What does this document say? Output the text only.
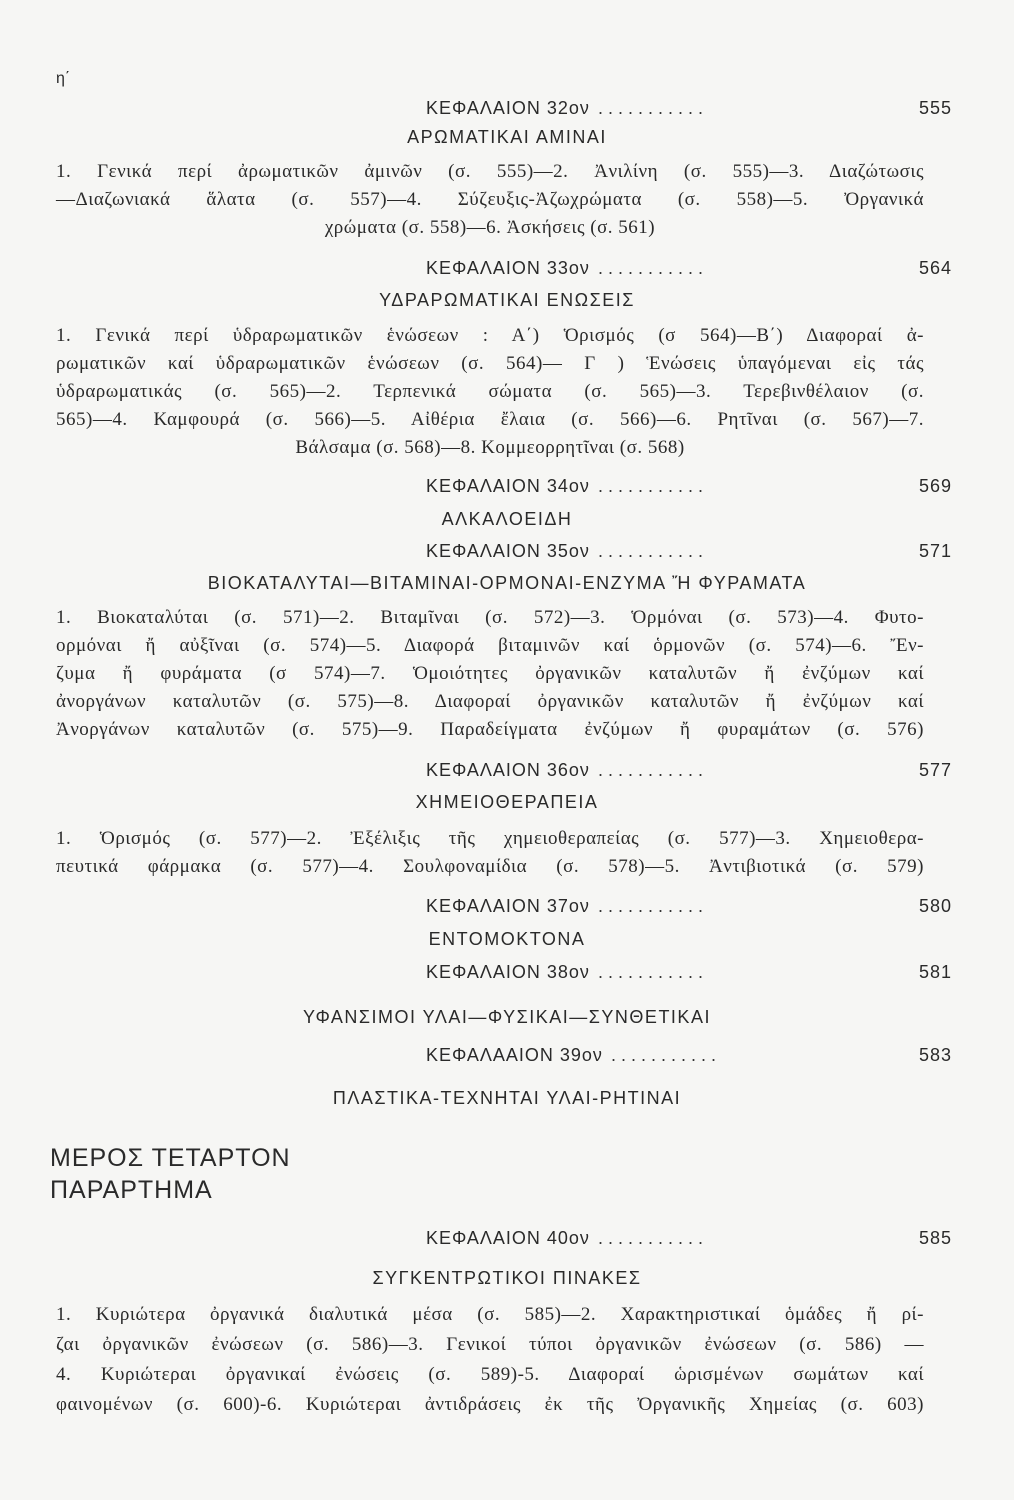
η΄
ΚΕΦΑΛΑΙΟΝ 32ον ...........	555
ΑΡΩΜΑΤΙΚΑΙ ΑΜΙΝΑΙ
1. Γενικά περί ἀρωματικῶν ἀμινῶν (σ. 555)—2. Ἀνιλίνη (σ. 555)—3. Διαζώτωσις
—Διαζωνιακά ἅλατα (σ. 557)—4. Σύζευξις-Ἀζωχρώματα (σ. 558)—5. Ὀργανικά
χρώματα (σ. 558)—6. Ἀσκήσεις (σ. 561)
ΚΕΦΑΛΑΙΟΝ 33ον ...........	564
ΥΔΡΑΡΩΜΑΤΙΚΑΙ ΕΝΩΣΕΙΣ
1. Γενικά περί ὑδραρωματικῶν ἑνώσεων : Α΄) Ὁρισμός (σ 564)—Β΄) Διαφοραί ἀ-
ρωματικῶν καί ὑδραρωματικῶν ἑνώσεων (σ. 564)— Γ ) Ἑνώσεις ὑπαγόμεναι εἰς τάς
ὑδραρωματικάς (σ. 565)—2. Τερπενικά σώματα (σ. 565)—3. Τερεβινθέλαιον (σ.
565)—4. Καμφουρά (σ. 566)—5. Αἰθέρια ἔλαια (σ. 566)—6. Ρητῖναι (σ. 567)—7.
Βάλσαμα (σ. 568)—8. Κομμεορρητῖναι (σ. 568)
ΚΕΦΑΛΑΙΟΝ 34ον ...........	569
ΑΛΚΑΛΟΕΙΔΗ
ΚΕΦΑΛΑΙΟΝ 35ον ...........	571
ΒΙΟΚΑΤΑΛΥΤΑΙ—ΒΙΤΑΜΙΝΑΙ-ΟΡΜΟΝΑΙ-ΕΝΖΥΜΑ Ἤ ΦΥΡΑΜΑΤΑ
1. Βιοκαταλύται (σ. 571)—2. Βιταμῖναι (σ. 572)—3. Ὁρμόναι (σ. 573)—4. Φυτο-
ορμόναι ἤ αὐξῖναι (σ. 574)—5. Διαφορά βιταμινῶν καί ὁρμονῶν (σ. 574)—6. Ἔν-
ζυμα ἤ φυράματα (σ 574)—7. Ὁμοιότητες ὀργανικῶν καταλυτῶν ἤ ἐνζύμων καί
ἀνοργάνων καταλυτῶν (σ. 575)—8. Διαφοραί ὀργανικῶν καταλυτῶν ἤ ἐνζύμων καί
Ἀνοργάνων καταλυτῶν (σ. 575)—9. Παραδείγματα ἐνζύμων ἤ φυραμάτων (σ. 576)
ΚΕΦΑΛΑΙΟΝ 36ον ...........	577
ΧΗΜΕΙΟΘΕΡΑΠΕΙΑ
1. Ὁρισμός (σ. 577)—2. Ἐξέλιξις τῆς χημειοθεραπείας (σ. 577)—3. Χημειοθερα-
πευτικά φάρμακα (σ. 577)—4. Σουλφοναμίδια (σ. 578)—5. Ἀντιβιοτικά (σ. 579)
ΚΕΦΑΛΑΙΟΝ 37ον ...........	580
ΕΝΤΟΜΟΚΤΟΝΑ
ΚΕΦΑΛΑΙΟΝ 38ον ...........	581
ΥΦΑΝΣΙΜΟΙ ΥΛΑΙ—ΦΥΣΙΚΑΙ—ΣΥΝΘΕΤΙΚΑΙ
ΚΕΦΑΛΑΑΙΟΝ 39ον ...........	583
ΠΛΑΣΤΙΚΑ-ΤΕΧΝΗΤΑΙ ΥΛΑΙ-ΡΗΤΙΝΑΙ
ΜΕΡΟΣ ΤΕΤΑΡΤΟΝ
ΠΑΡΑΡΤΗΜΑ
ΚΕΦΑΛΑΙΟΝ 40ον ...........	585
ΣΥΓΚΕΝΤΡΩΤΙΚΟΙ ΠΙΝΑΚΕΣ
1. Κυριώτερα ὀργανικά διαλυτικά μέσα (σ. 585)—2. Χαρακτηριστικαί ὁμάδες ἤ ρί-
ζαι ὀργανικῶν ἐνώσεων (σ. 586)—3. Γενικοί τύποι ὀργανικῶν ἐνώσεων (σ. 586) —
4. Κυριώτεραι ὀργανικαί ἐνώσεις (σ. 589)-5. Διαφοραί ὡρισμένων σωμάτων καί
φαινομένων (σ. 600)-6. Κυριώτεραι ἀντιδράσεις ἐκ τῆς Ὀργανικῆς Χημείας (σ. 603)
